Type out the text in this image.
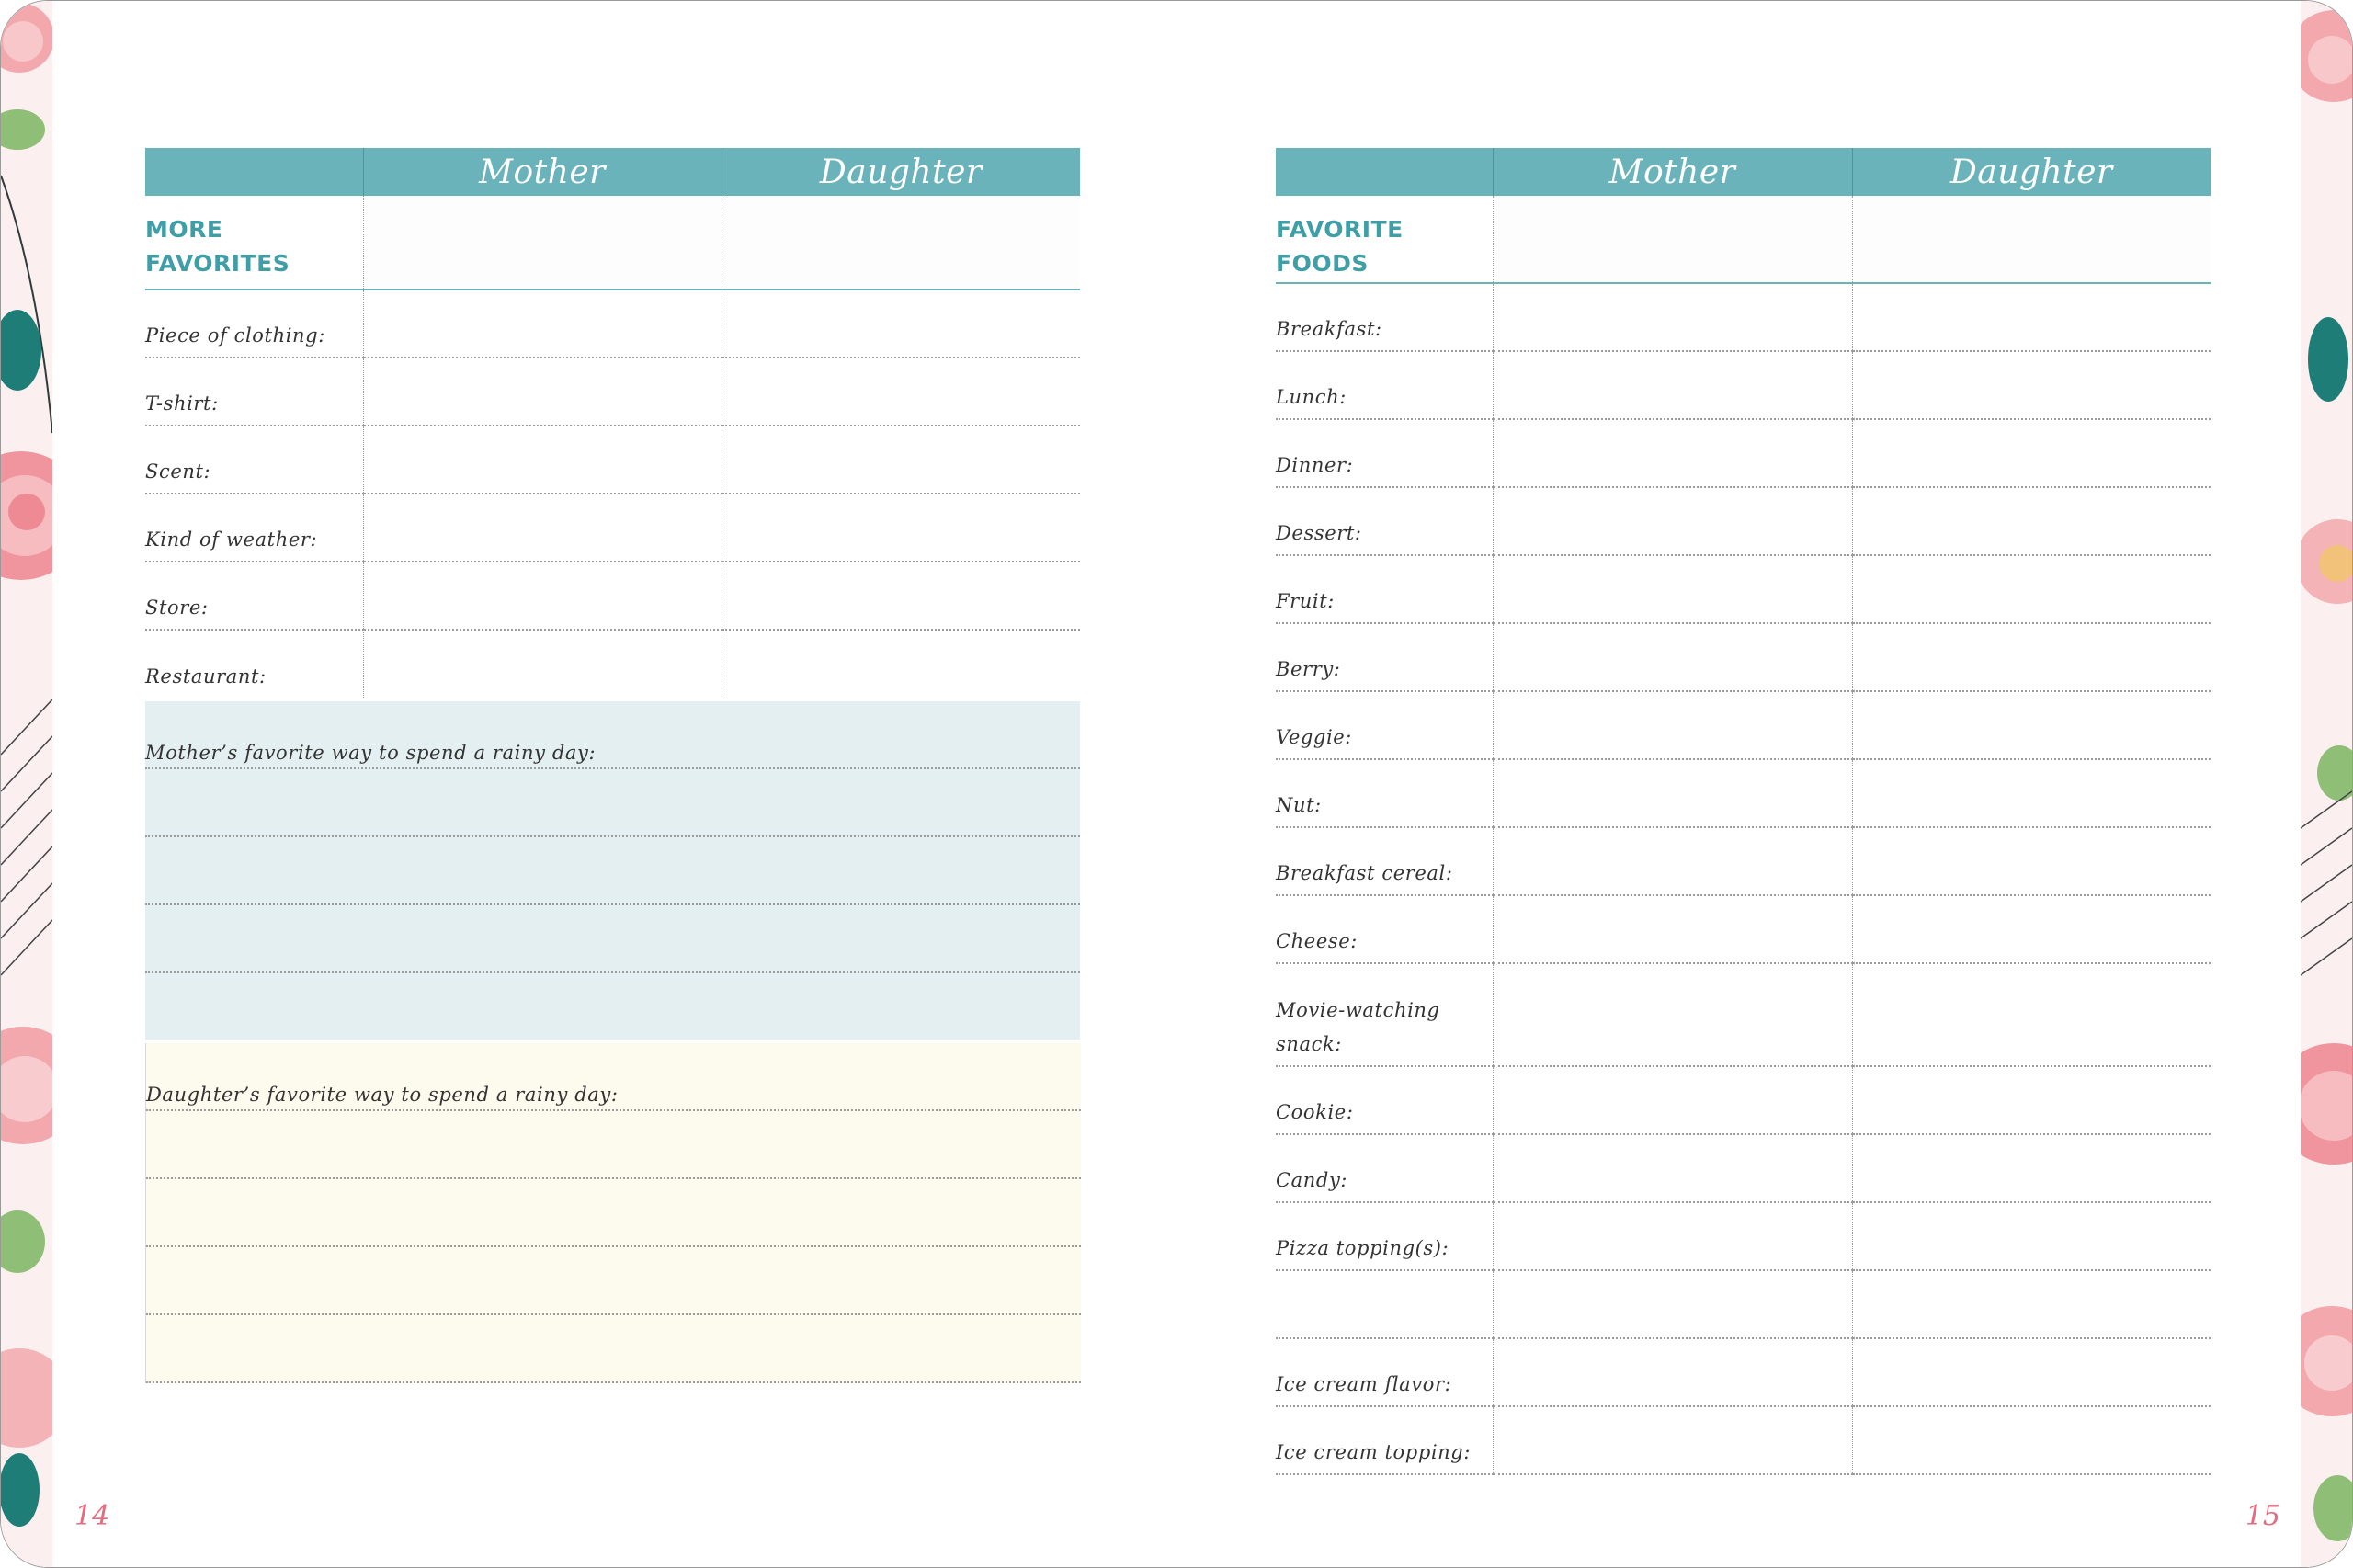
	Mother	Daughter
MORE
FAVORITES		
Piece of clothing:		
T-shirt:		
Scent:		
Kind of weather:		
Store:		
Restaurant:		
Mother’s favorite way to spend a rainy day:
Daughter’s favorite way to spend a rainy day:
	Mother	Daughter
FAVORITE FOODS		
Breakfast:		
Lunch:		
Dinner:		
Dessert:		
Fruit:		
Berry:		
Veggie:		
Nut:		
Breakfast cereal:		
Cheese:		
Movie-watching snack:		
Cookie:		
Candy:		
Pizza topping(s):		

Ice cream flavor:		
Ice cream topping:		
14	15
